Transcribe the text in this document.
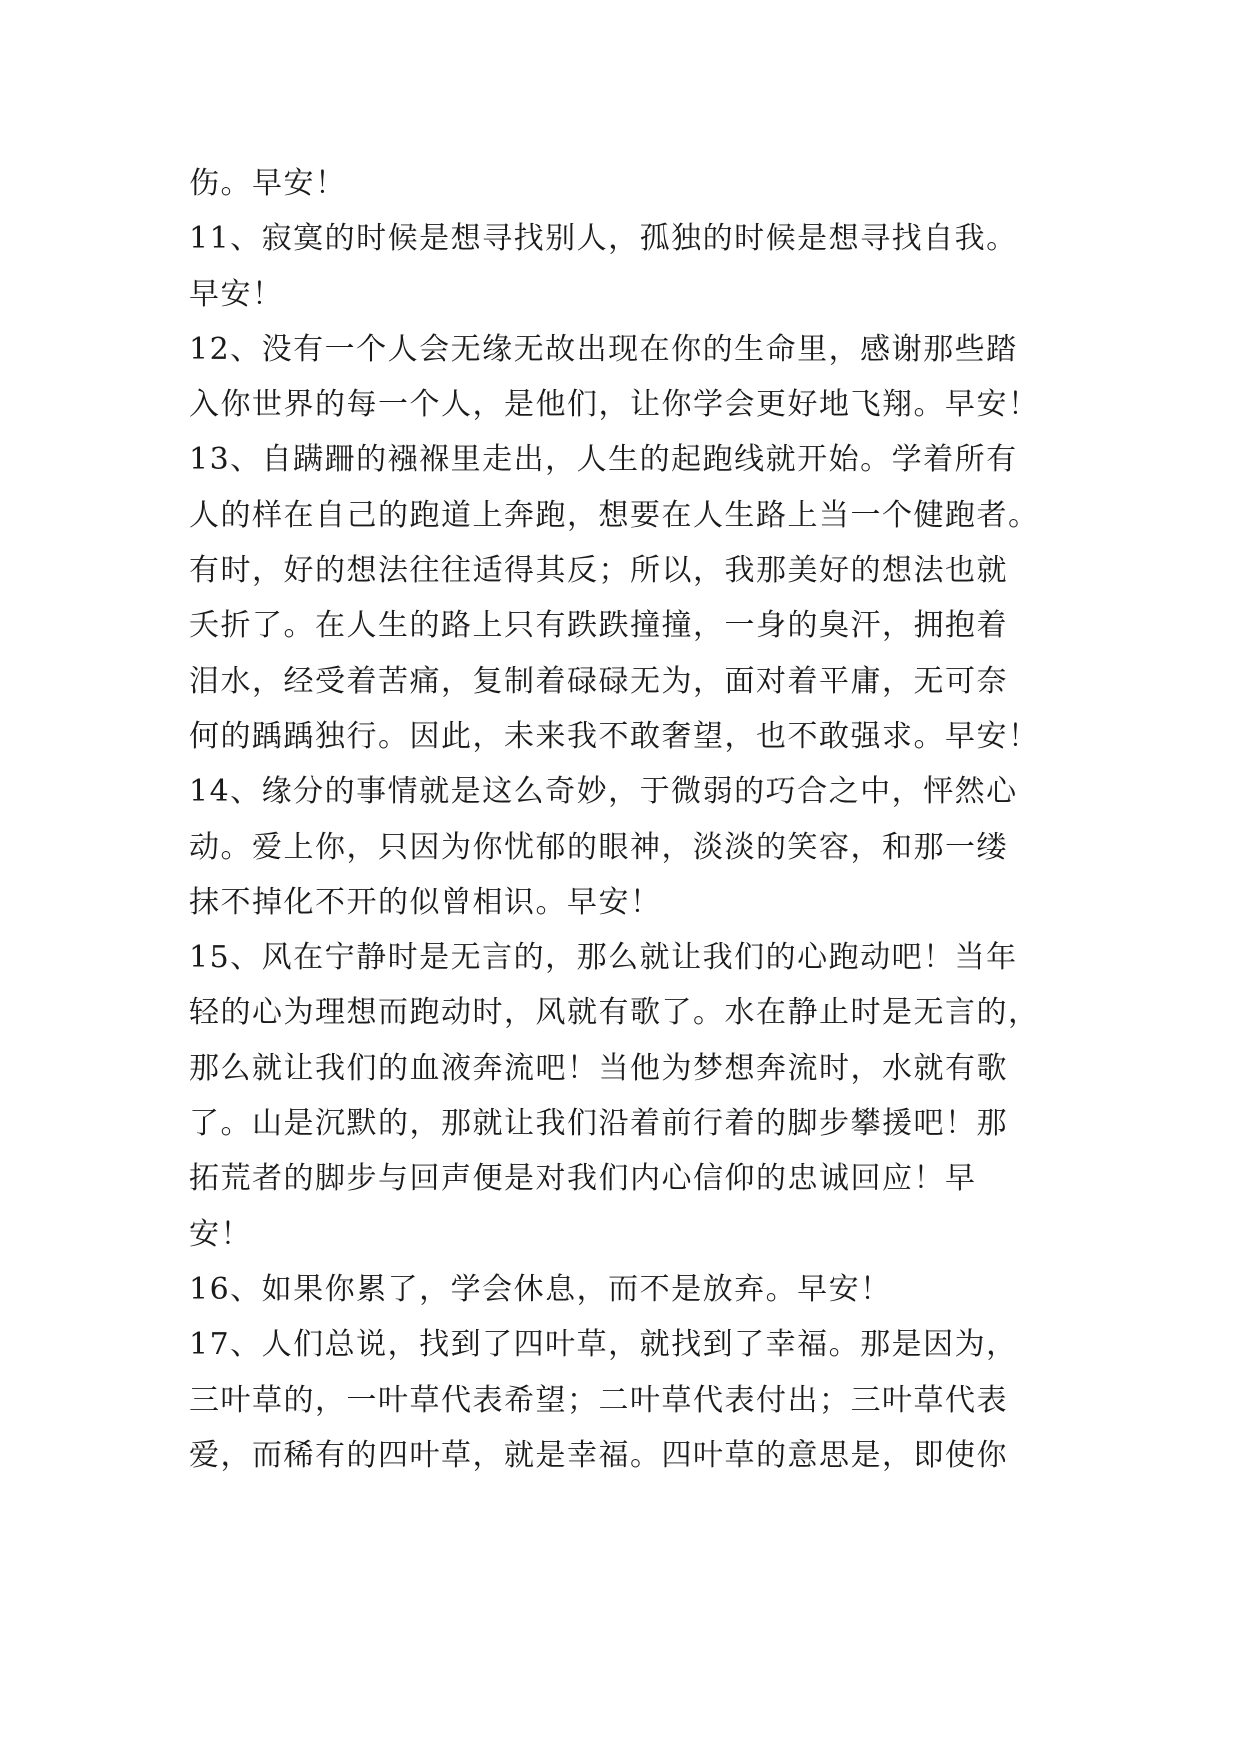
伤。早安！
11、寂寞的时候是想寻找别人，孤独的时候是想寻找自我。
早安！
12、没有一个人会无缘无故出现在你的生命里，感谢那些踏
入你世界的每一个人，是他们，让你学会更好地飞翔。早安！
13、自蹒跚的襁褓里走出，人生的起跑线就开始。学着所有
人的样在自己的跑道上奔跑，想要在人生路上当一个健跑者。
有时，好的想法往往适得其反；所以，我那美好的想法也就
夭折了。在人生的路上只有跌跌撞撞，一身的臭汗，拥抱着
泪水，经受着苦痛，复制着碌碌无为，面对着平庸，无可奈
何的踽踽独行。因此，未来我不敢奢望，也不敢强求。早安！
14、缘分的事情就是这么奇妙，于微弱的巧合之中，怦然心
动。爱上你，只因为你忧郁的眼神，淡淡的笑容，和那一缕
抹不掉化不开的似曾相识。早安！
15、风在宁静时是无言的，那么就让我们的心跑动吧！当年
轻的心为理想而跑动时，风就有歌了。水在静止时是无言的，
那么就让我们的血液奔流吧！当他为梦想奔流时，水就有歌
了。山是沉默的，那就让我们沿着前行着的脚步攀援吧！那
拓荒者的脚步与回声便是对我们内心信仰的忠诚回应！早
安！
16、如果你累了，学会休息，而不是放弃。早安！
17、人们总说，找到了四叶草，就找到了幸福。那是因为，
三叶草的，一叶草代表希望；二叶草代表付出；三叶草代表
爱，而稀有的四叶草，就是幸福。四叶草的意思是，即使你
